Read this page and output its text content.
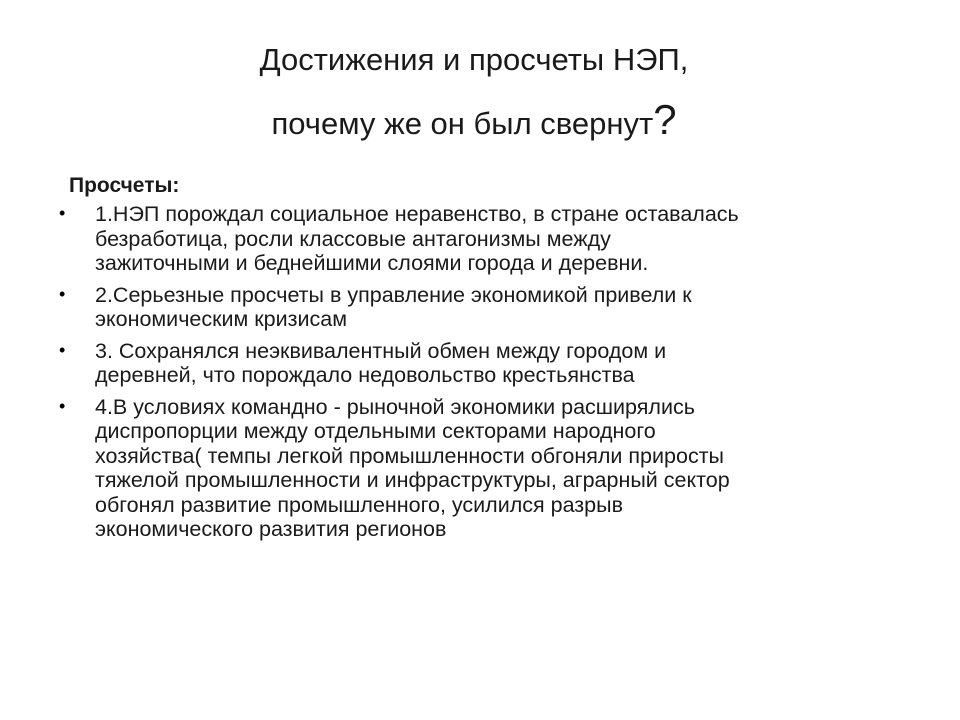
Достижения и просчеты НЭП,
почему же он был свернут?
Просчеты:
• 1.НЭП порождал социальное неравенство, в стране оставалась
безработица, росли классовые антагонизмы между
зажиточными и беднейшими слоями города и деревни.
• 2.Серьезные просчеты в управление экономикой привели к
экономическим кризисам
• 3. Сохранялся неэквивалентный обмен между городом и
деревней, что порождало недовольство крестьянства
• 4.В условиях командно - рыночной экономики расширялись
диспропорции между отдельными секторами народного
хозяйства( темпы легкой промышленности обгоняли приросты
тяжелой промышленности и инфраструктуры, аграрный сектор
обгонял развитие промышленного, усилился разрыв
экономического развития регионов
